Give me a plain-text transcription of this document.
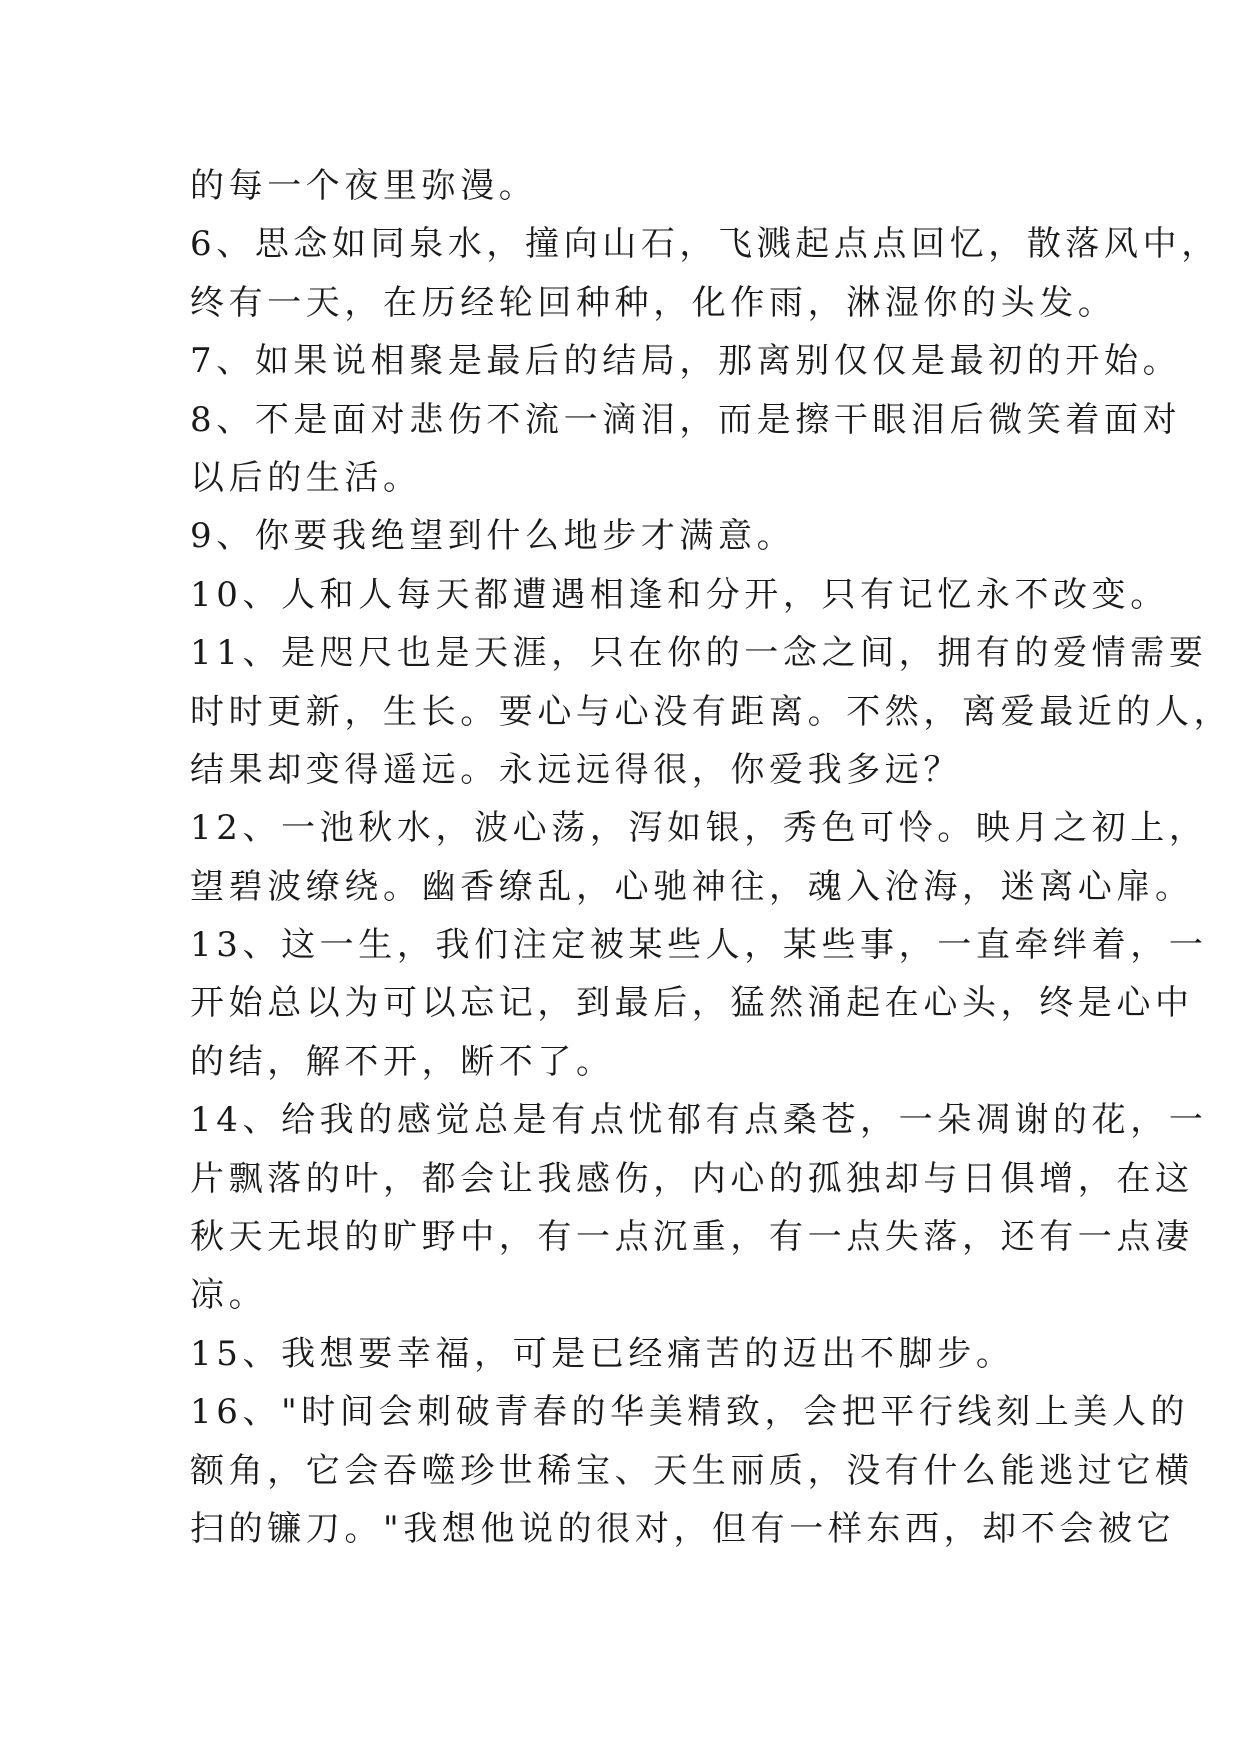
的每一个夜里弥漫。
6、思念如同泉水，撞向山石，飞溅起点点回忆，散落风中，
终有一天，在历经轮回种种，化作雨，淋湿你的头发。
7、如果说相聚是最后的结局，那离别仅仅是最初的开始。
8、不是面对悲伤不流一滴泪，而是擦干眼泪后微笑着面对
以后的生活。
9、你要我绝望到什么地步才满意。
10、人和人每天都遭遇相逢和分开，只有记忆永不改变。
11、是咫尺也是天涯，只在你的一念之间，拥有的爱情需要
时时更新，生长。要心与心没有距离。不然，离爱最近的人，
结果却变得遥远。永远远得很，你爱我多远？
12、一池秋水，波心荡，泻如银，秀色可怜。映月之初上，
望碧波缭绕。幽香缭乱，心驰神往，魂入沧海，迷离心扉。
13、这一生，我们注定被某些人，某些事，一直牵绊着，一
开始总以为可以忘记，到最后，猛然涌起在心头，终是心中
的结，解不开，断不了。
14、给我的感觉总是有点忧郁有点桑苍，一朵凋谢的花，一
片飘落的叶，都会让我感伤，内心的孤独却与日俱增，在这
秋天无垠的旷野中，有一点沉重，有一点失落，还有一点凄
凉。
15、我想要幸福，可是已经痛苦的迈出不脚步。
16、"时间会刺破青春的华美精致，会把平行线刻上美人的
额角，它会吞噬珍世稀宝、天生丽质，没有什么能逃过它横
扫的镰刀。"我想他说的很对，但有一样东西，却不会被它
